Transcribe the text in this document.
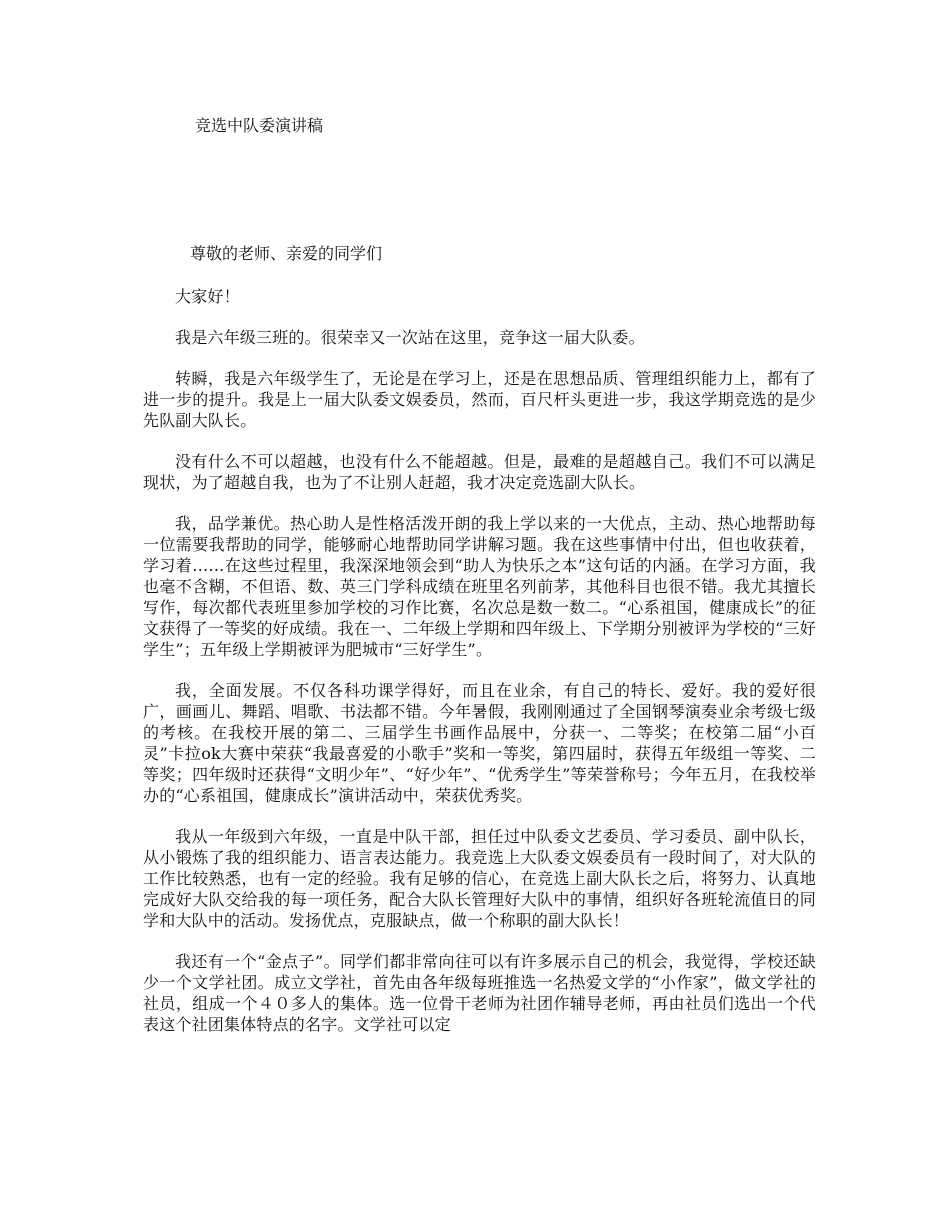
竞选中队委演讲稿
尊敬的老师、亲爱的同学们

大家好！

我是六年级三班的。很荣幸又一次站在这里，竞争这一届大队委。

转瞬，我是六年级学生了，无论是在学习上，还是在思想品质、管理组织能力上，都有了进一步的提升。我是上一届大队委文娱委员，然而，百尺杆头更进一步，我这学期竞选的是少先队副大队长。

没有什么不可以超越，也没有什么不能超越。但是，最难的是超越自己。我们不可以满足现状，为了超越自我，也为了不让别人赶超，我才决定竞选副大队长。

我，品学兼优。热心助人是性格活泼开朗的我上学以来的一大优点，主动、热心地帮助每一位需要我帮助的同学，能够耐心地帮助同学讲解习题。我在这些事情中付出，但也收获着，学习着……在这些过程里，我深深地领会到“助人为快乐之本”这句话的内涵。在学习方面，我也毫不含糊，不但语、数、英三门学科成绩在班里名列前茅，其他科目也很不错。我尤其擅长写作，每次都代表班里参加学校的习作比赛，名次总是数一数二。“心系祖国，健康成长”的征文获得了一等奖的好成绩。我在一、二年级上学期和四年级上、下学期分别被评为学校的“三好学生”；五年级上学期被评为肥城市“三好学生”。

我，全面发展。不仅各科功课学得好，而且在业余，有自己的特长、爱好。我的爱好很广，画画儿、舞蹈、唱歌、书法都不错。今年暑假，我刚刚通过了全国钢琴演奏业余考级七级的考核。在我校开展的第二、三届学生书画作品展中，分获一、二等奖；在校第二届“小百灵”卡拉ok大赛中荣获“我最喜爱的小歌手”奖和一等奖，第四届时，获得五年级组一等奖、二等奖；四年级时还获得“文明少年”、“好少年”、“优秀学生”等荣誉称号；今年五月，在我校举办的“心系祖国，健康成长”演讲活动中，荣获优秀奖。

我从一年级到六年级，一直是中队干部，担任过中队委文艺委员、学习委员、副中队长，从小锻炼了我的组织能力、语言表达能力。我竞选上大队委文娱委员有一段时间了，对大队的工作比较熟悉，也有一定的经验。我有足够的信心，在竞选上副大队长之后，将努力、认真地完成好大队交给我的每一项任务，配合大队长管理好大队中的事情，组织好各班轮流值日的同学和大队中的活动。发扬优点，克服缺点，做一个称职的副大队长！

我还有一个“金点子”。同学们都非常向往可以有许多展示自己的机会，我觉得，学校还缺少一个文学社团。成立文学社，首先由各年级每班推选一名热爱文学的“小作家”，做文学社的社员，组成一个４０多人的集体。选一位骨干老师为社团作辅导老师，再由社员们选出一个代表这个社团集体特点的名字。文学社可以定
